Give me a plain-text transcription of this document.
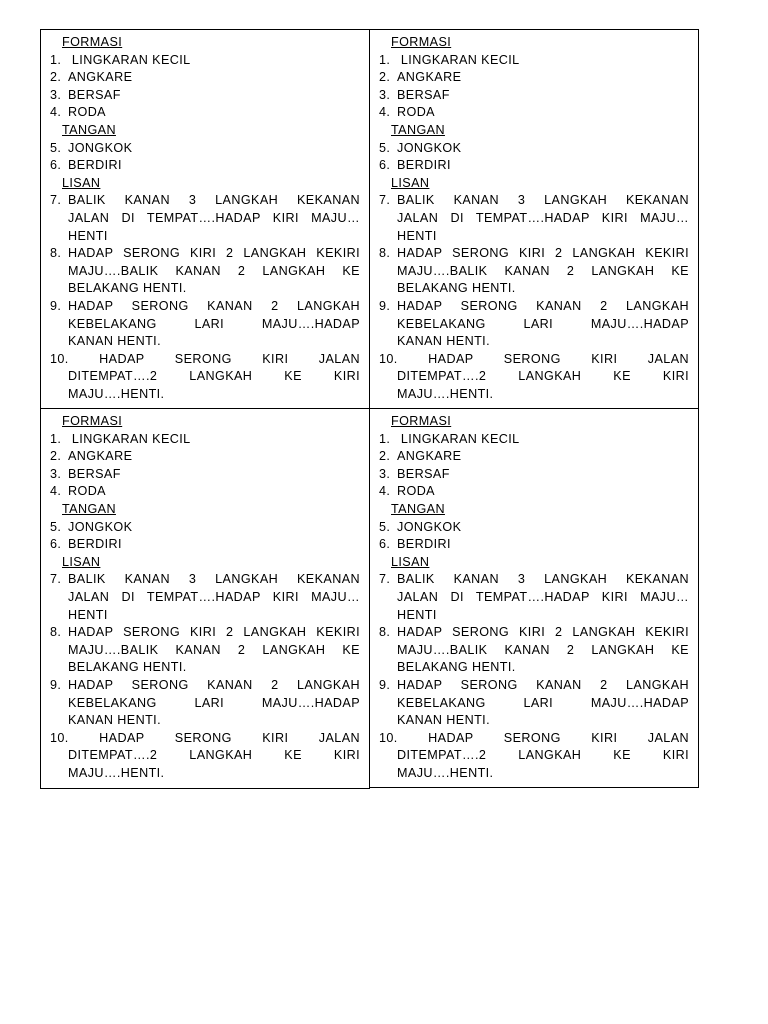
FORMASI
1. LINGKARAN KECIL
2. ANGKARE
3. BERSAF
4. RODA
TANGAN
5. JONGKOK
6. BERDIRI
LISAN
7. BALIK KANAN 3 LANGKAH KEKANAN
JALAN DI TEMPAT….HADAP KIRI MAJU…
HENTI
8. HADAP SERONG KIRI 2 LANGKAH KEKIRI
MAJU….BALIK KANAN 2 LANGKAH KE
BELAKANG HENTI.
9. HADAP SERONG KANAN 2 LANGKAH
KEBELAKANG LARI MAJU….HADAP
KANAN HENTI.
10. HADAP SERONG KIRI JALAN
DITEMPAT….2 LANGKAH KE KIRI
MAJU….HENTI.
FORMASI
1. LINGKARAN KECIL
2. ANGKARE
3. BERSAF
4. RODA
TANGAN
5. JONGKOK
6. BERDIRI
LISAN
7. BALIK KANAN 3 LANGKAH KEKANAN
JALAN DI TEMPAT….HADAP KIRI MAJU…
HENTI
8. HADAP SERONG KIRI 2 LANGKAH KEKIRI
MAJU….BALIK KANAN 2 LANGKAH KE
BELAKANG HENTI.
9. HADAP SERONG KANAN 2 LANGKAH
KEBELAKANG LARI MAJU….HADAP
KANAN HENTI.
10. HADAP SERONG KIRI JALAN
DITEMPAT….2 LANGKAH KE KIRI
MAJU….HENTI.
FORMASI
1. LINGKARAN KECIL
2. ANGKARE
3. BERSAF
4. RODA
TANGAN
5. JONGKOK
6. BERDIRI
LISAN
7. BALIK KANAN 3 LANGKAH KEKANAN
JALAN DI TEMPAT….HADAP KIRI MAJU…
HENTI
8. HADAP SERONG KIRI 2 LANGKAH KEKIRI
MAJU….BALIK KANAN 2 LANGKAH KE
BELAKANG HENTI.
9. HADAP SERONG KANAN 2 LANGKAH
KEBELAKANG LARI MAJU….HADAP
KANAN HENTI.
10. HADAP SERONG KIRI JALAN
DITEMPAT….2 LANGKAH KE KIRI
MAJU….HENTI.
FORMASI
1. LINGKARAN KECIL
2. ANGKARE
3. BERSAF
4. RODA
TANGAN
5. JONGKOK
6. BERDIRI
LISAN
7. BALIK KANAN 3 LANGKAH KEKANAN
JALAN DI TEMPAT….HADAP KIRI MAJU…
HENTI
8. HADAP SERONG KIRI 2 LANGKAH KEKIRI
MAJU….BALIK KANAN 2 LANGKAH KE
BELAKANG HENTI.
9. HADAP SERONG KANAN 2 LANGKAH
KEBELAKANG LARI MAJU….HADAP
KANAN HENTI.
10. HADAP SERONG KIRI JALAN
DITEMPAT….2 LANGKAH KE KIRI
MAJU….HENTI.
